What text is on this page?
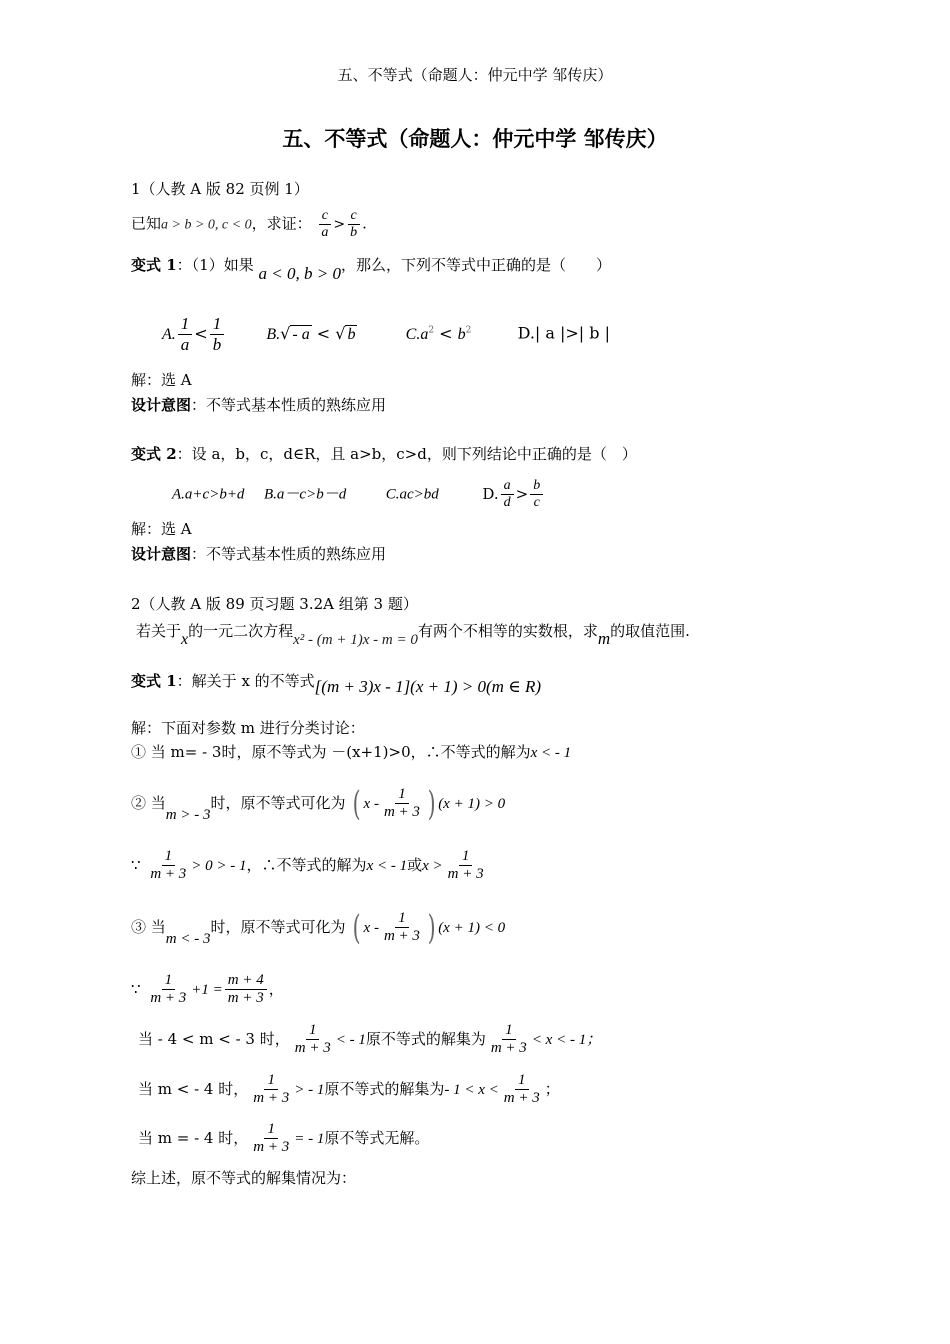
五、不等式（命题人：仲元中学 邹传庆）
五、不等式（命题人：仲元中学 邹传庆）
1（人教 A 版 82 页例 1）
已知a > b > 0, c < 0，求证： $\frac{c}{a} > \frac{c}{b}$ .
变式 1：（1）如果 a < 0, b > 0，那么，下列不等式中正确的是（　　）
A. $\frac{1}{a} < \frac{1}{b}$	B.√ - a < √ b	$C.a^2 < b^2$	D.| a |>| b |
解：选 A
设计意图：不等式基本性质的熟练应用
变式 2：设 a，b，c，d∈R，且 a>b，c>d，则下列结论中正确的是（　）
A.a+c>b+d B.a－c>b－d	C.ac>bd	D. $\frac{a}{d} > \frac{b}{c}$
解：选 A
设计意图：不等式基本性质的熟练应用
2（人教 A 版 89 页习题 3.2A 组第 3 题）
若关于x的一元二次方程x² - (m + 1)x - m = 0有两个不相等的实数根，求m的取值范围.
变式 1：解关于 x 的不等式[(m + 3)x - 1](x + 1) > 0(m ∈ R)
解：下面对参数 m 进行分类讨论：
① 当 m= - 3时，原不等式为 －(x+1)>0，∴不等式的解为x < - 1
② 当m > - 3时，原不等式可化为 ( x - $\frac{1}{m + 3}$ ) (x + 1) > 0
∵ $\frac{1}{m + 3} > 0$ > - 1，∴不等式的解为x < - 1或$x > \frac{1}{m + 3}$
③ 当m < - 3时，原不等式可化为 ( x - $\frac{1}{m + 3}$ ) (x + 1) < 0
∵ $\frac{1}{m + 3} +1 = \frac{m + 4}{m + 3}$ ，
当 - 4 < m < - 3 时， $\frac{1}{m + 3}$ < - 1原不等式的解集为 $\frac{1}{m + 3} < x$ < - 1；
当 m < - 4 时， $\frac{1}{m + 3}$ > - 1原不等式的解集为- $1 < x < \frac{1}{m + 3}$ ；
当 m = - 4 时， $\frac{1}{m + 3}$ = - 1原不等式无解。
综上述，原不等式的解集情况为：
